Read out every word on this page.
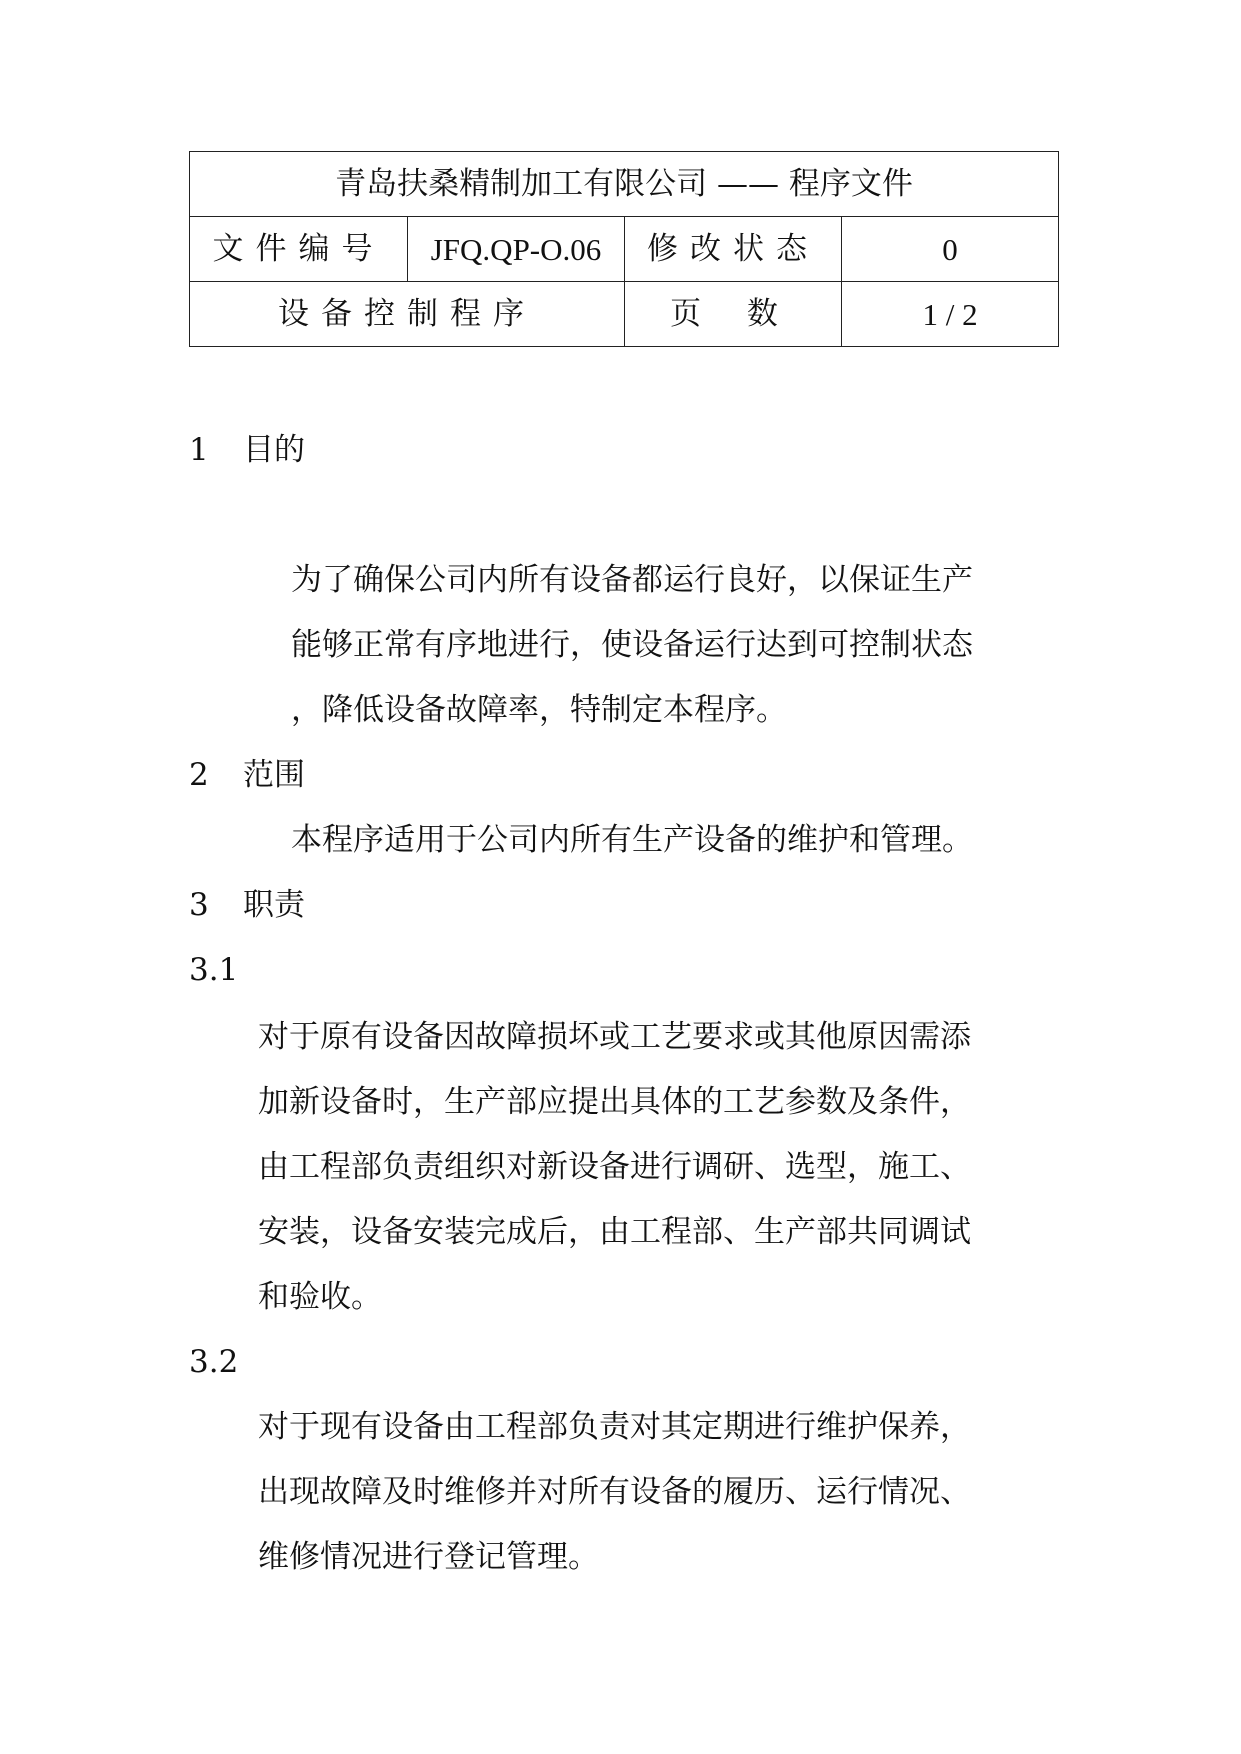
青岛扶桑精制加工有限公司 —— 程序文件			
文件编号	JFQ.QP-O.06	修改状态	0
设备控制程序		页 数	1 / 2
1 目的
为了确保公司内所有设备都运行良好，以保证生产
能够正常有序地进行，使设备运行达到可控制状态
，降低设备故障率，特制定本程序。
2 范围
本程序适用于公司内所有生产设备的维护和管理。
3 职责
3.1
对于原有设备因故障损坏或工艺要求或其他原因需添
加新设备时，生产部应提出具体的工艺参数及条件，
由工程部负责组织对新设备进行调研、选型，施工、
安装，设备安装完成后，由工程部、生产部共同调试
和验收。
3.2
对于现有设备由工程部负责对其定期进行维护保养，
出现故障及时维修并对所有设备的履历、运行情况、
维修情况进行登记管理。
